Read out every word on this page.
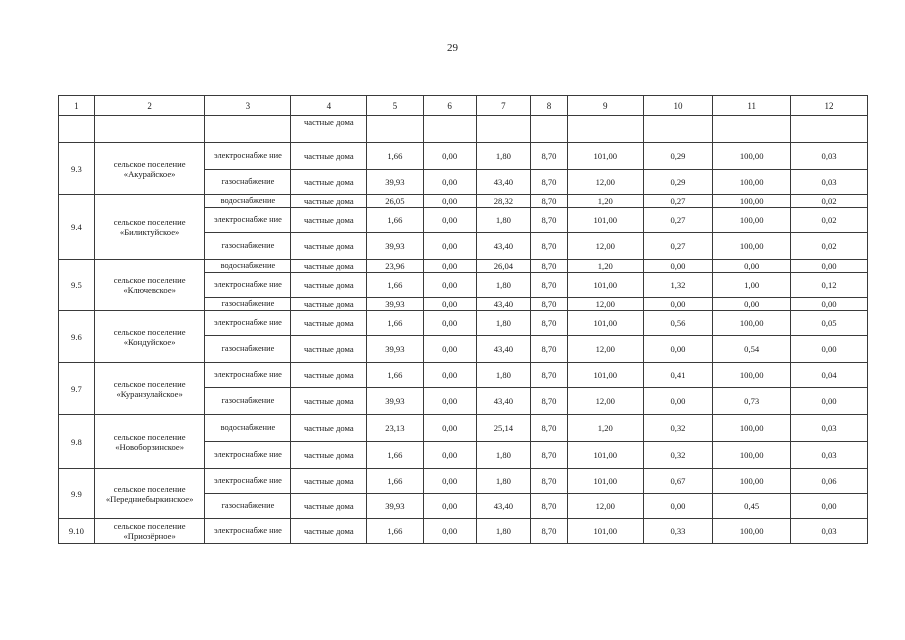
29
1	2	3	4	5	6	7	8	9	10	11	12
			частные дома								
9.3	сельское поселение «Акурайское»	электроснабже ние	частные дома	1,66	0,00	1,80	8,70	101,00	0,29	100,00	0,03
		газоснабжение	частные дома	39,93	0,00	43,40	8,70	12,00	0,29	100,00	0,03
9.4	сельское поселение «Биликтуйское»	водоснабжение	частные дома	26,05	0,00	28,32	8,70	1,20	0,27	100,00	0,02
		электроснабже ние	частные дома	1,66	0,00	1,80	8,70	101,00	0,27	100,00	0,02
		газоснабжение	частные дома	39,93	0,00	43,40	8,70	12,00	0,27	100,00	0,02
9.5	сельское поселение «Ключевское»	водоснабжение	частные дома	23,96	0,00	26,04	8,70	1,20	0,00	0,00	0,00
		электроснабже ние	частные дома	1,66	0,00	1,80	8,70	101,00	1,32	1,00	0,12
		газоснабжение	частные дома	39,93	0,00	43,40	8,70	12,00	0,00	0,00	0,00
9.6	сельское поселение «Кондуйское»	электроснабже ние	частные дома	1,66	0,00	1,80	8,70	101,00	0,56	100,00	0,05
		газоснабжение	частные дома	39,93	0,00	43,40	8,70	12,00	0,00	0,54	0,00
9.7	сельское поселение «Куранзулайское»	электроснабже ние	частные дома	1,66	0,00	1,80	8,70	101,00	0,41	100,00	0,04
		газоснабжение	частные дома	39,93	0,00	43,40	8,70	12,00	0,00	0,73	0,00
9.8	сельское поселение «Новоборзинское»	водоснабжение	частные дома	23,13	0,00	25,14	8,70	1,20	0,32	100,00	0,03
		электроснабже ние	частные дома	1,66	0,00	1,80	8,70	101,00	0,32	100,00	0,03
9.9	сельское поселение «Передниебыркинское»	электроснабже ние	частные дома	1,66	0,00	1,80	8,70	101,00	0,67	100,00	0,06
		газоснабжение	частные дома	39,93	0,00	43,40	8,70	12,00	0,00	0,45	0,00
9.10	сельское поселение «Приозёрное»	электроснабже ние	частные дома	1,66	0,00	1,80	8,70	101,00	0,33	100,00	0,03
